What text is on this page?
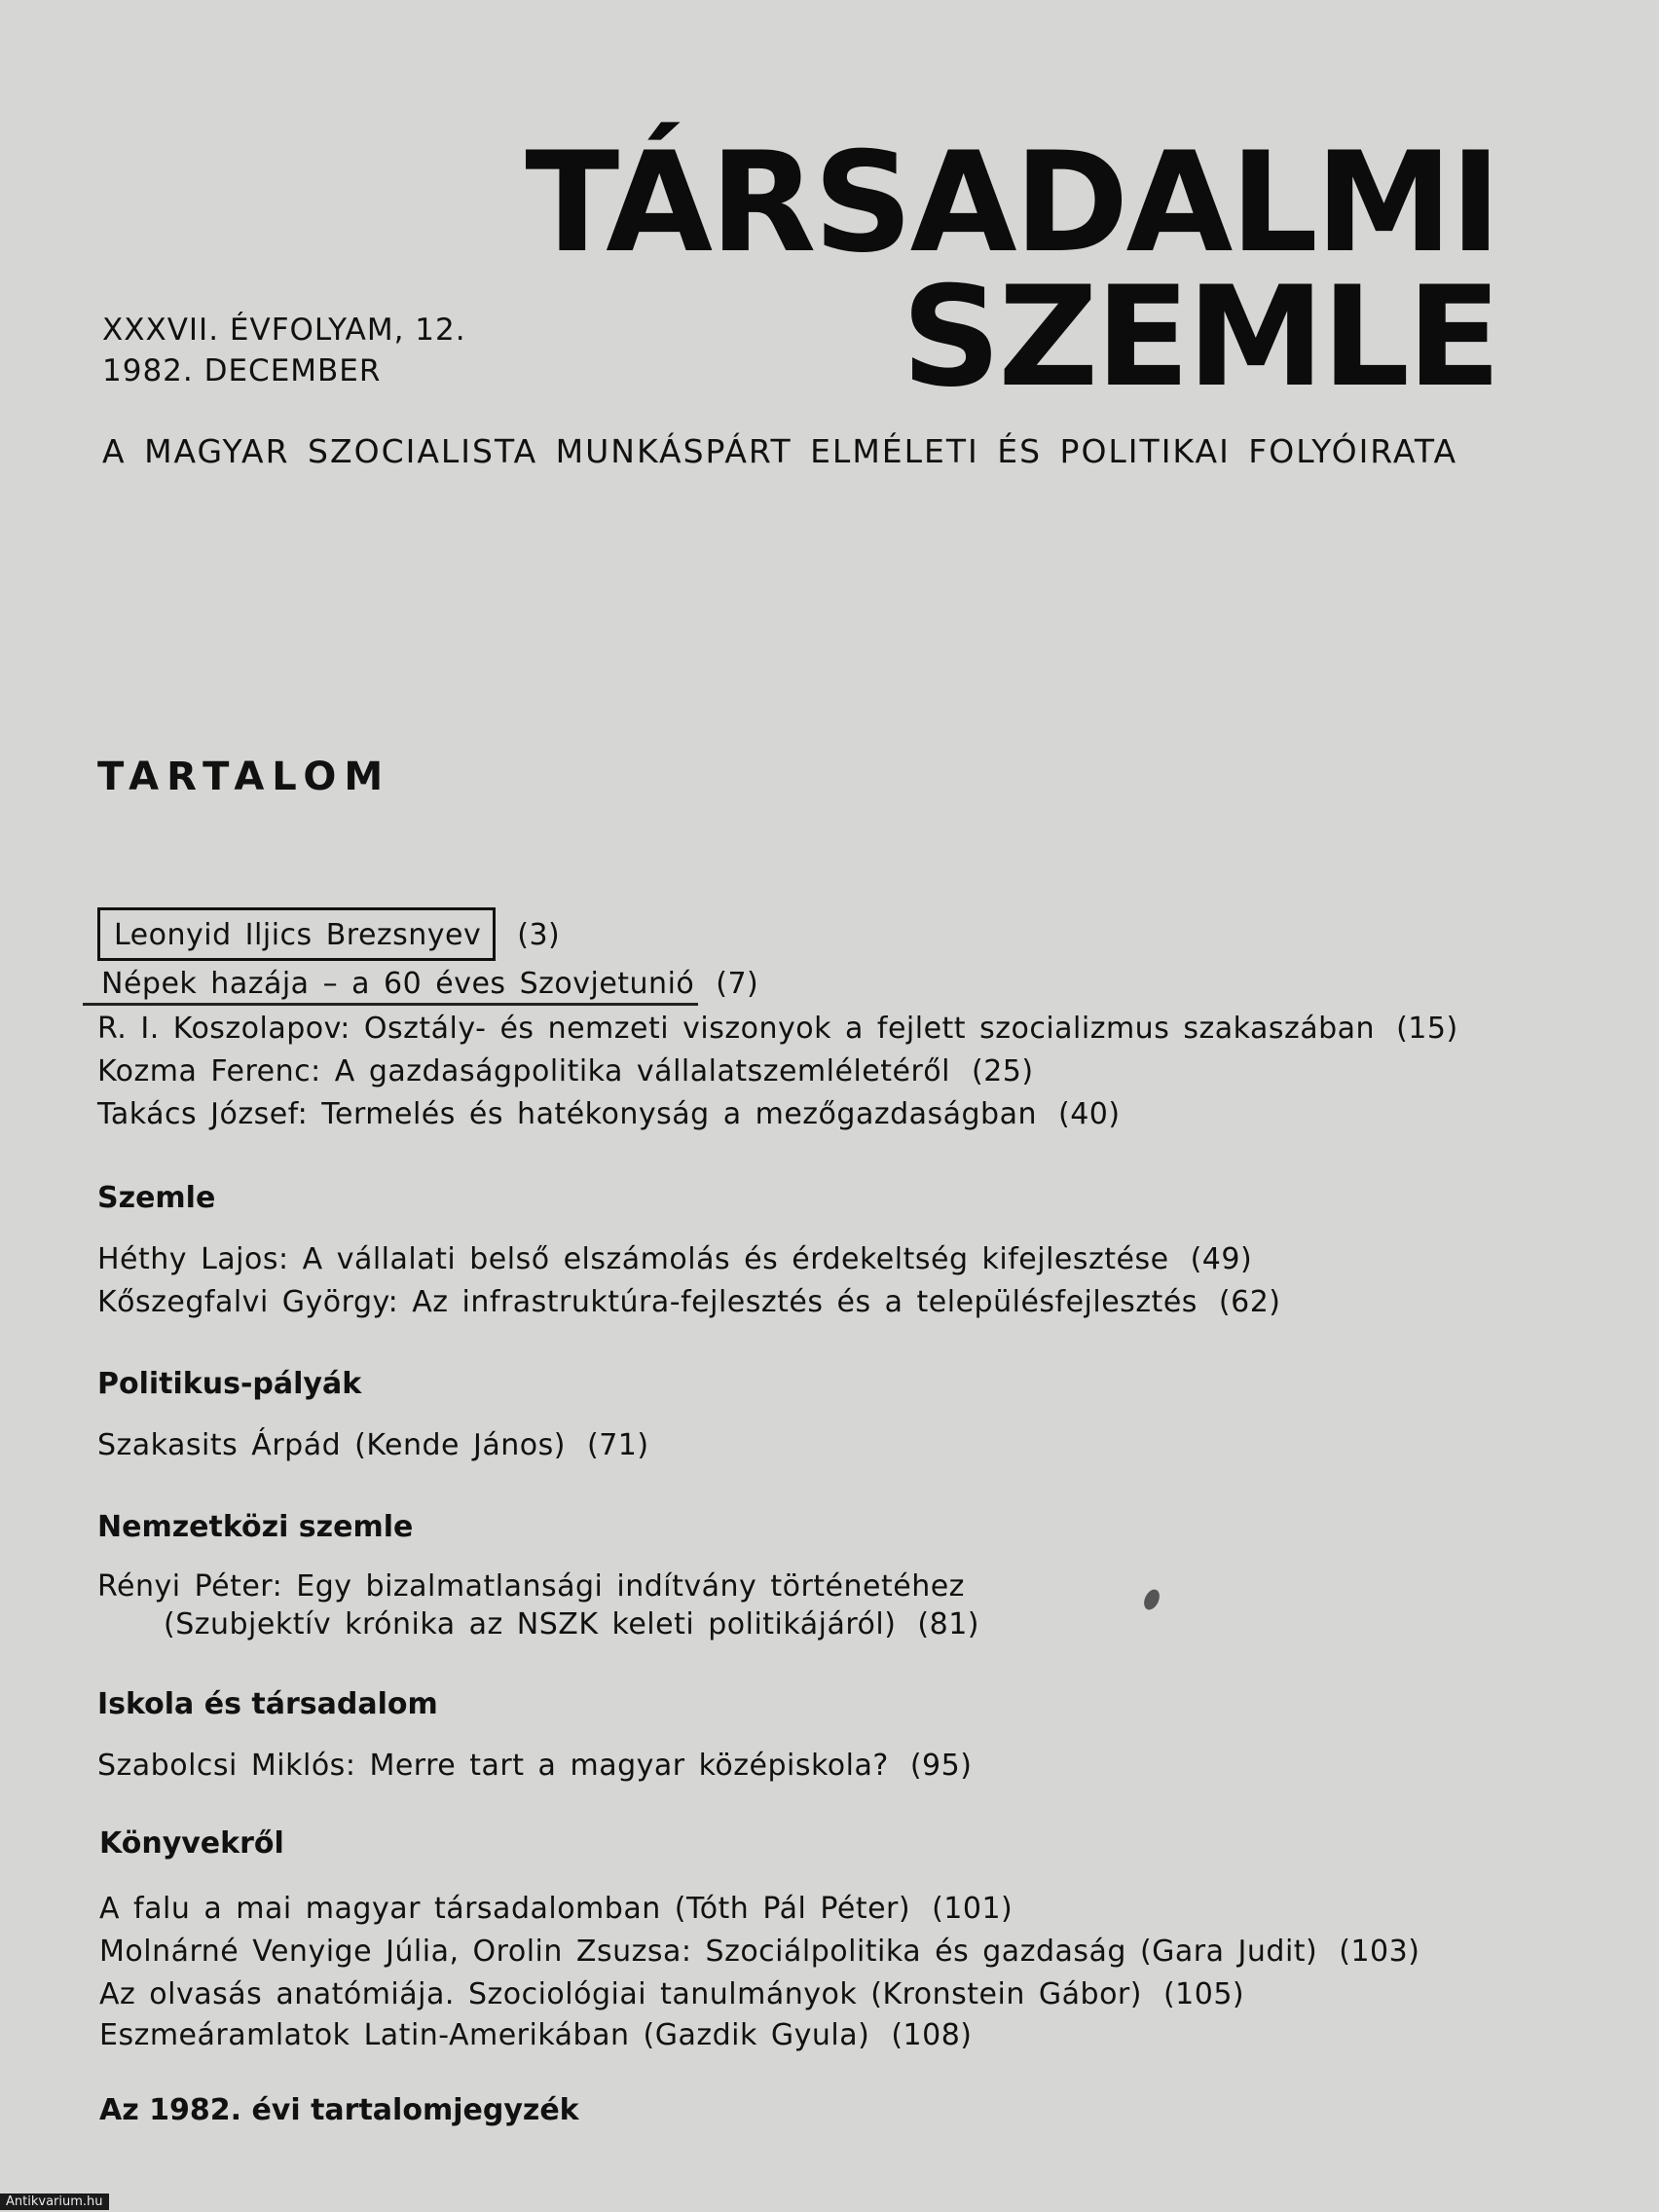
TÁRSADALMI
SZEMLE
XXXVII. ÉVFOLYAM, 12.
1982. DECEMBER
A MAGYAR SZOCIALISTA MUNKÁSPÁRT ELMÉLETI ÉS POLITIKAI FOLYÓIRATA
TARTALOM
Leonyid Iljics Brezsnyev (3)
Népek hazája – a 60 éves Szovjetunió (7)
R. I. Koszolapov: Osztály- és nemzeti viszonyok a fejlett szocializmus szakaszában (15)
Kozma Ferenc: A gazdaságpolitika vállalatszemléletéről (25)
Takács József: Termelés és hatékonyság a mezőgazdaságban (40)
Szemle
Héthy Lajos: A vállalati belső elszámolás és érdekeltség kifejlesztése (49)
Kőszegfalvi György: Az infrastruktúra-fejlesztés és a településfejlesztés (62)
Politikus-pályák
Szakasits Árpád (Kende János) (71)
Nemzetközi szemle
Rényi Péter: Egy bizalmatlansági indítvány történetéhez
(Szubjektív krónika az NSZK keleti politikájáról) (81)
Iskola és társadalom
Szabolcsi Miklós: Merre tart a magyar középiskola? (95)
Könyvekről
A falu a mai magyar társadalomban (Tóth Pál Péter) (101)
Molnárné Venyige Júlia, Orolin Zsuzsa: Szociálpolitika és gazdaság (Gara Judit) (103)
Az olvasás anatómiája. Szociológiai tanulmányok (Kronstein Gábor) (105)
Eszmeáramlatok Latin-Amerikában (Gazdik Gyula) (108)
Az 1982. évi tartalomjegyzék
Antikvarium.hu
